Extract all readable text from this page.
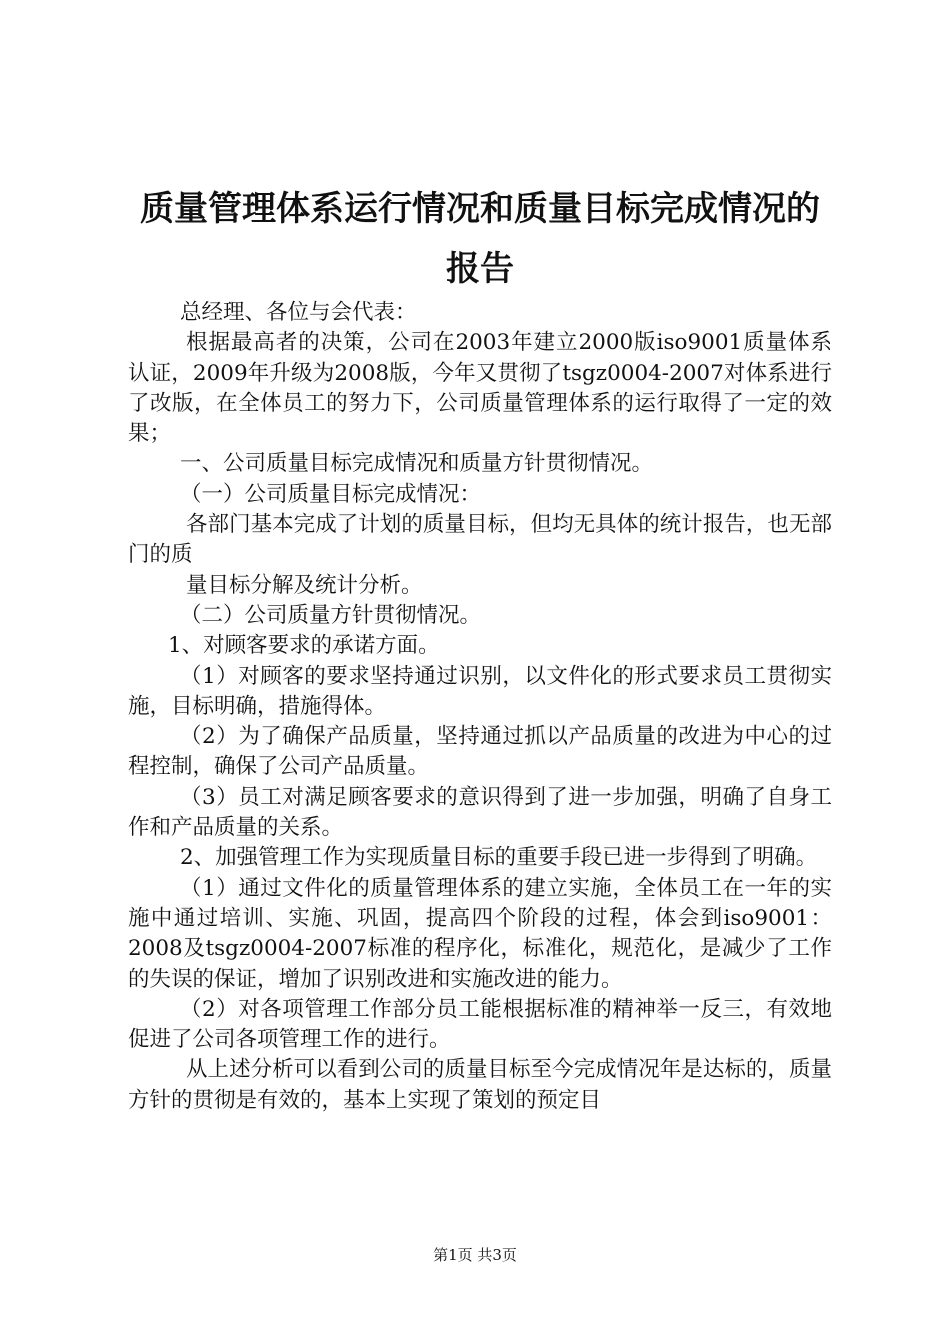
质量管理体系运行情况和质量目标完成情况的
报告

总经理、各位与会代表：

根据最高者的决策，公司在2003年建立2000版iso9001质量体系认证，2009年升级为2008版，今年又贯彻了tsgz0004-2007对体系进行了改版，在全体员工的努力下，公司质量管理体系的运行取得了一定的效果；

一、公司质量目标完成情况和质量方针贯彻情况。

（一）公司质量目标完成情况：

各部门基本完成了计划的质量目标，但均无具体的统计报告，也无部门的质

量目标分解及统计分析。

（二）公司质量方针贯彻情况。

1、对顾客要求的承诺方面。

（1）对顾客的要求坚持通过识别，以文件化的形式要求员工贯彻实施，目标明确，措施得体。

（2）为了确保产品质量，坚持通过抓以产品质量的改进为中心的过程控制，确保了公司产品质量。

（3）员工对满足顾客要求的意识得到了进一步加强，明确了自身工作和产品质量的关系。

2、加强管理工作为实现质量目标的重要手段已进一步得到了明确。

（1）通过文件化的质量管理体系的建立实施，全体员工在一年的实施中通过培训、实施、巩固，提高四个阶段的过程，体会到iso9001：2008及tsgz0004-2007标准的程序化，标准化，规范化，是减少了工作的失误的保证，增加了识别改进和实施改进的能力。

（2）对各项管理工作部分员工能根据标准的精神举一反三，有效地促进了公司各项管理工作的进行。

从上述分析可以看到公司的质量目标至今完成情况年是达标的，质量方针的贯彻是有效的，基本上实现了策划的预定目

第1页 共3页
